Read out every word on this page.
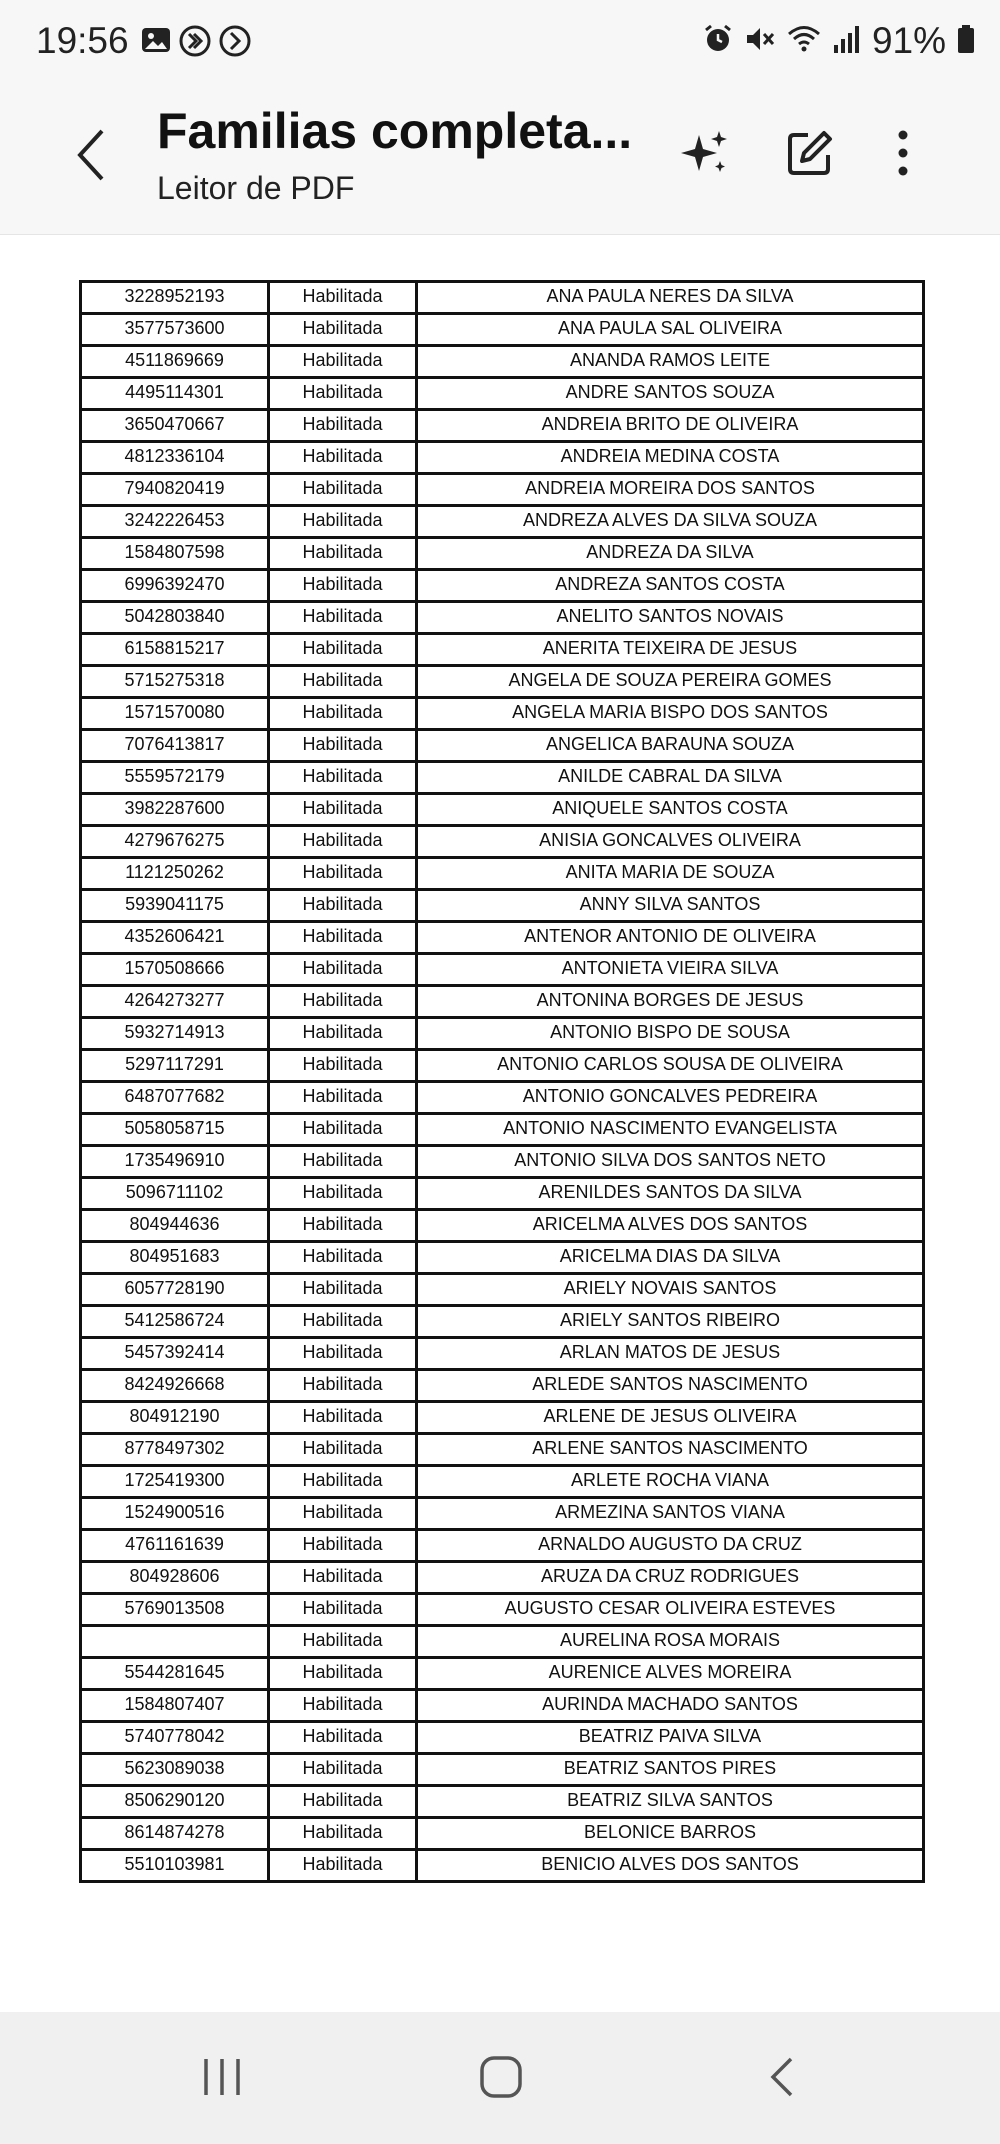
19:56	91%
Familias completa...
Leitor de PDF
3228952193	Habilitada	ANA PAULA NERES DA SILVA
3577573600	Habilitada	ANA PAULA SAL OLIVEIRA
4511869669	Habilitada	ANANDA RAMOS LEITE
4495114301	Habilitada	ANDRE SANTOS SOUZA
3650470667	Habilitada	ANDREIA BRITO DE OLIVEIRA
4812336104	Habilitada	ANDREIA MEDINA COSTA
7940820419	Habilitada	ANDREIA MOREIRA DOS SANTOS
3242226453	Habilitada	ANDREZA ALVES DA SILVA SOUZA
1584807598	Habilitada	ANDREZA DA SILVA
6996392470	Habilitada	ANDREZA SANTOS COSTA
5042803840	Habilitada	ANELITO SANTOS NOVAIS
6158815217	Habilitada	ANERITA TEIXEIRA DE JESUS
5715275318	Habilitada	ANGELA DE SOUZA PEREIRA GOMES
1571570080	Habilitada	ANGELA MARIA BISPO DOS SANTOS
7076413817	Habilitada	ANGELICA BARAUNA SOUZA
5559572179	Habilitada	ANILDE CABRAL DA SILVA
3982287600	Habilitada	ANIQUELE SANTOS COSTA
4279676275	Habilitada	ANISIA GONCALVES OLIVEIRA
1121250262	Habilitada	ANITA MARIA DE SOUZA
5939041175	Habilitada	ANNY SILVA SANTOS
4352606421	Habilitada	ANTENOR ANTONIO DE OLIVEIRA
1570508666	Habilitada	ANTONIETA VIEIRA SILVA
4264273277	Habilitada	ANTONINA BORGES DE JESUS
5932714913	Habilitada	ANTONIO BISPO DE SOUSA
5297117291	Habilitada	ANTONIO CARLOS SOUSA DE OLIVEIRA
6487077682	Habilitada	ANTONIO GONCALVES PEDREIRA
5058058715	Habilitada	ANTONIO NASCIMENTO EVANGELISTA
1735496910	Habilitada	ANTONIO SILVA DOS SANTOS NETO
5096711102	Habilitada	ARENILDES SANTOS DA SILVA
804944636	Habilitada	ARICELMA ALVES DOS SANTOS
804951683	Habilitada	ARICELMA DIAS DA SILVA
6057728190	Habilitada	ARIELY NOVAIS SANTOS
5412586724	Habilitada	ARIELY SANTOS RIBEIRO
5457392414	Habilitada	ARLAN MATOS DE JESUS
8424926668	Habilitada	ARLEDE SANTOS NASCIMENTO
804912190	Habilitada	ARLENE DE JESUS OLIVEIRA
8778497302	Habilitada	ARLENE SANTOS NASCIMENTO
1725419300	Habilitada	ARLETE ROCHA VIANA
1524900516	Habilitada	ARMEZINA SANTOS VIANA
4761161639	Habilitada	ARNALDO AUGUSTO DA CRUZ
804928606	Habilitada	ARUZA DA CRUZ RODRIGUES
5769013508	Habilitada	AUGUSTO CESAR OLIVEIRA ESTEVES
	Habilitada	AURELINA ROSA MORAIS
5544281645	Habilitada	AURENICE ALVES MOREIRA
1584807407	Habilitada	AURINDA MACHADO SANTOS
5740778042	Habilitada	BEATRIZ PAIVA SILVA
5623089038	Habilitada	BEATRIZ SANTOS PIRES
8506290120	Habilitada	BEATRIZ SILVA SANTOS
8614874278	Habilitada	BELONICE BARROS
5510103981	Habilitada	BENICIO ALVES DOS SANTOS
